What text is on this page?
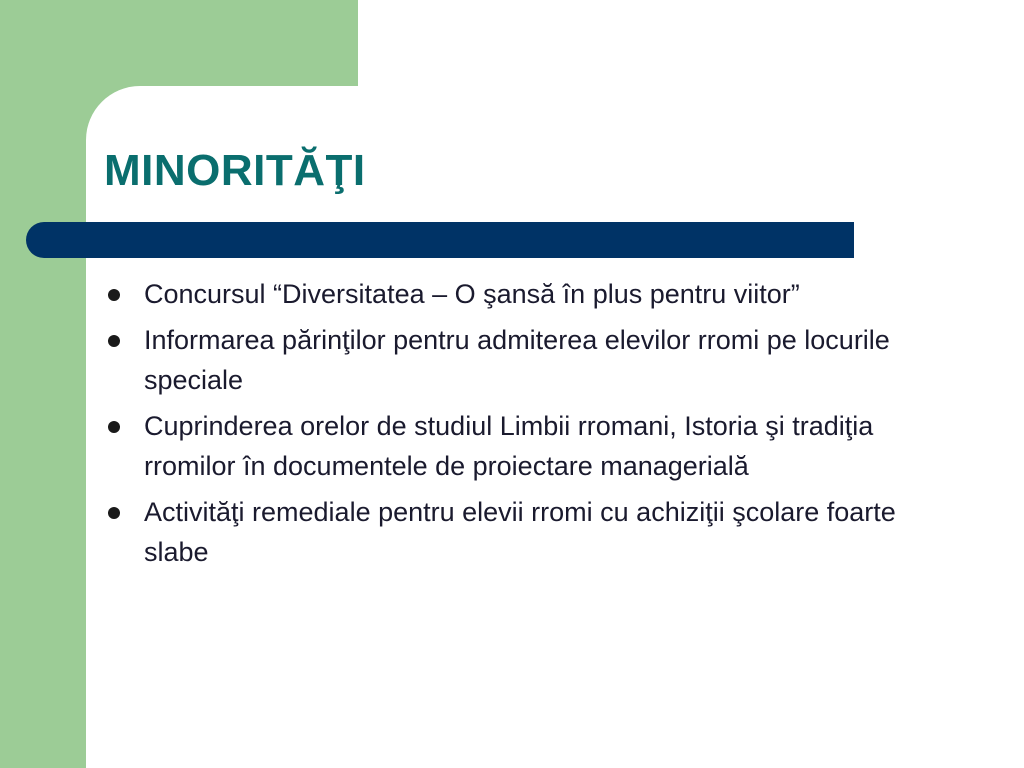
MINORITĂŢI
Concursul “Diversitatea – O şansă în plus pentru viitor”
Informarea părinţilor pentru admiterea elevilor rromi pe locurile speciale
Cuprinderea orelor de studiul Limbii rromani, Istoria şi tradiţia rromilor în documentele de proiectare managerială
Activităţi remediale pentru elevii rromi cu achiziţii şcolare foarte slabe
